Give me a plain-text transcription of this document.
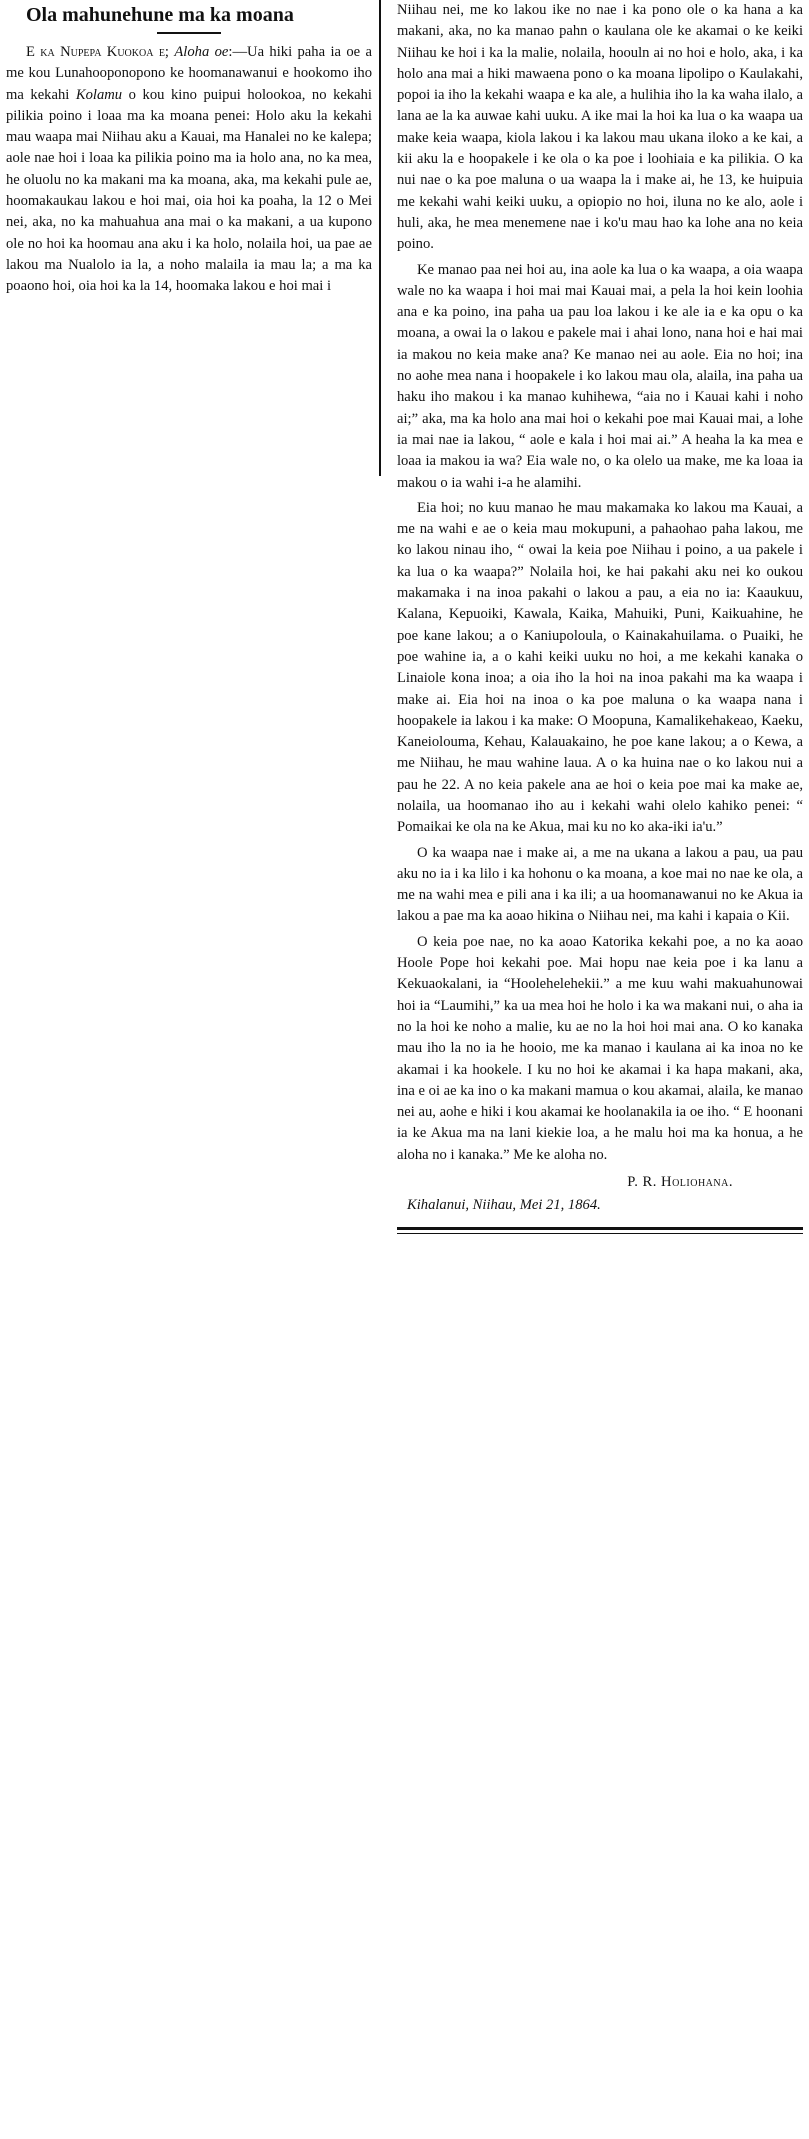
Ola mahunehune ma ka moana

E ka Nupepa Kuokoa e; Aloha oe:—Ua hiki paha ia oe a me kou Lunahooponopono ke hoomanawanui e hookomo iho ma kekahi Kolamu o kou kino puipui holookoa, no kekahi pilikia poino i loaa ma ka moana penei: Holo aku la kekahi mau waapa mai Niihau aku a Kauai, ma Hanalei no ke kalepa; aole nae hoi i loaa ka pilikia poino ma ia holo ana, no ka mea, he oluolu no ka makani ma ka moana, aka, ma kekahi pule ae, hoomakaukau lakou e hoi mai, oia hoi ka poaha, la 12 o Mei nei, aka, no ka mahuahua ana mai o ka makani, a ua kupono ole no hoi ka hoomau ana aku i ka holo, nolaila hoi, ua pae ae lakou ma Nualolo ia la, a noho malaila ia mau la; a ma ka poaono hoi, oia hoi ka la 14, hoomaka lakou e hoi mai i

Niihau nei, me ko lakou ike no nae i ka pono ole o ka hana a ka makani, aka, no ka manao pahn o kaulana ole ke akamai o ke keiki Niihau ke hoi i ka la malie, nolaila, hoouln ai no hoi e holo, aka, i ka holo ana mai a hiki mawaena pono o ka moana lipolipo o Kaulakahi, popoi ia iho la kekahi waapa e ka ale, a hulihia iho la ka waha ilalo, a lana ae la ka auwae kahi uuku. A ike mai la hoi ka lua o ka waapa ua make keia waapa, kiola lakou i ka lakou mau ukana iloko a ke kai, a kii aku la e hoopakele i ke ola o ka poe i loohiaia e ka pilikia. O ka nui nae o ka poe maluna o ua waapa la i make ai, he 13, ke huipuia me kekahi wahi keiki uuku, a opiopio no hoi, iluna no ke alo, aole i huli, aka, he mea menemene nae i ko'u mau hao ka lohe ana no keia poino.

Ke manao paa nei hoi au, ina aole ka lua o ka waapa, a oia waapa wale no ka waapa i hoi mai mai Kauai mai, a pela la hoi kein loohia ana e ka poino, ina paha ua pau loa lakou i ke ale ia e ka opu o ka moana, a owai la o lakou e pakele mai i ahai lono, nana hoi e hai mai ia makou no keia make ana? Ke manao nei au aole. Eia no hoi; ina no aohe mea nana i hoopakele i ko lakou mau ola, alaila, ina paha ua haku iho makou i ka manao kuhihewa, “aia no i Kauai kahi i noho ai;” aka, ma ka holo ana mai hoi o kekahi poe mai Kauai mai, a lohe ia mai nae ia lakou, “ aole e kala i hoi mai ai.” A heaha la ka mea e loaa ia makou ia wa? Eia wale no, o ka olelo ua make, me ka loaa ia makou o ia wahi i-a he alamihi.

Eia hoi; no kuu manao he mau makamaka ko lakou ma Kauai, a me na wahi e ae o keia mau mokupuni, a pahaohao paha lakou, me ko lakou ninau iho, “ owai la keia poe Niihau i poino, a ua pakele i ka lua o ka waapa?” Nolaila hoi, ke hai pakahi aku nei ko oukou makamaka i na inoa pakahi o lakou a pau, a eia no ia: Kaaukuu, Kalana, Kepuoiki, Kawala, Kaika, Mahuiki, Puni, Kaikuahine, he poe kane lakou; a o Kaniupoloula, o Kainakahuilama. o Puaiki, he poe wahine ia, a o kahi keiki uuku no hoi, a me kekahi kanaka o Linaiole kona inoa; a oia iho la hoi na inoa pakahi ma ka waapa i make ai. Eia hoi na inoa o ka poe maluna o ka waapa nana i hoopakele ia lakou i ka make: O Moopuna, Kamalikehakeao, Kaeku, Kaneiolouma, Kehau, Kalauakaino, he poe kane lakou; a o Kewa, a me Niihau, he mau wahine laua. A o ka huina nae o ko lakou nui a pau he 22. A no keia pakele ana ae hoi o keia poe mai ka make ae, nolaila, ua hoomanao iho au i kekahi wahi olelo kahiko penei: “ Pomaikai ke ola na ke Akua, mai ku no ko aka-iki ia'u.”

O ka waapa nae i make ai, a me na ukana a lakou a pau, ua pau aku no ia i ka lilo i ka hohonu o ka moana, a koe mai no nae ke ola, a me na wahi mea e pili ana i ka ili; a ua hoomanawanui no ke Akua ia lakou a pae ma ka aoao hikina o Niihau nei, ma kahi i kapaia o Kii.

O keia poe nae, no ka aoao Katorika kekahi poe, a no ka aoao Hoole Pope hoi kekahi poe. Mai hopu nae keia poe i ka lanu a Kekuaokalani, ia “Hoolehelehekii.” a me kuu wahi makuahunowai hoi ia “Laumihi,” ka ua mea hoi he holo i ka wa makani nui, o aha ia no la hoi ke noho a malie, ku ae no la hoi hoi mai ana. O ko kanaka mau iho la no ia he hooio, me ka manao i kaulana ai ka inoa no ke akamai i ka hookele. I ku no hoi ke akamai i ka hapa makani, aka, ina e oi ae ka ino o ka makani mamua o kou akamai, alaila, ke manao nei au, aohe e hiki i kou akamai ke hoolanakila ia oe iho. “ E hoonani ia ke Akua ma na lani kiekie loa, a he malu hoi ma ka honua, a he aloha no i kanaka.” Me ke aloha no.

P. R. Holiohana.
Kihalanui, Niihau, Mei 21, 1864.
